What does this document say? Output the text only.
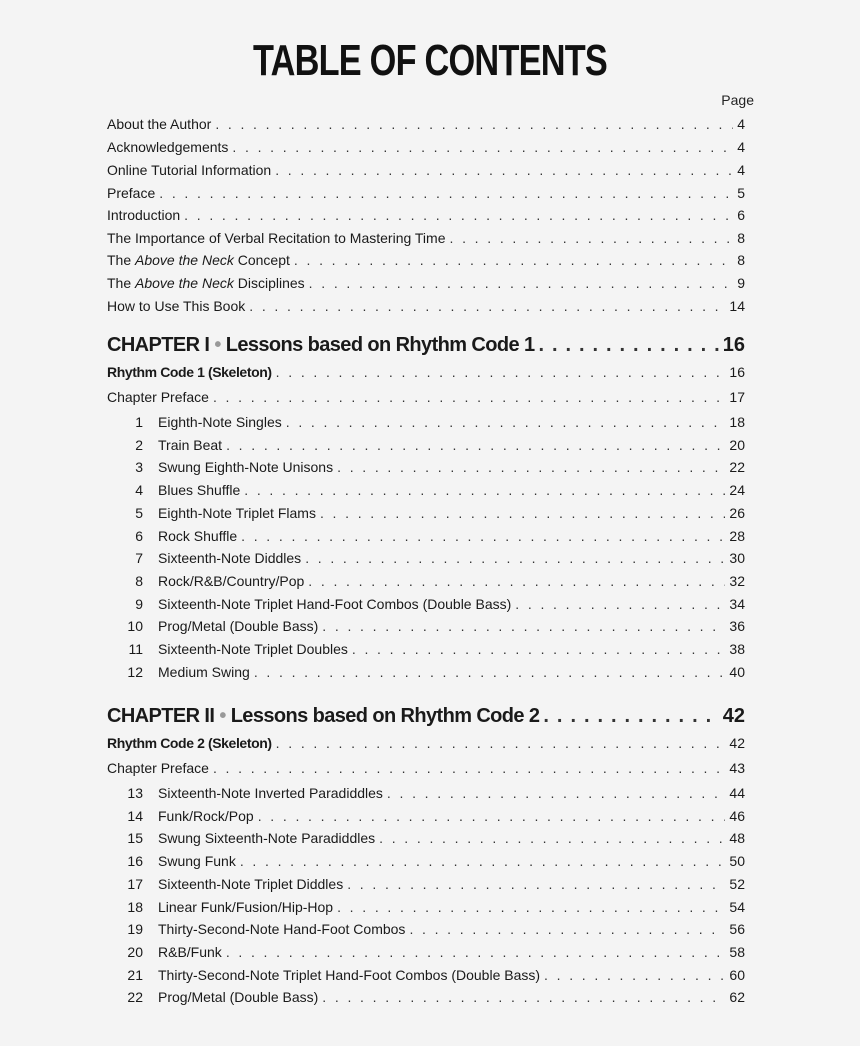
TABLE OF CONTENTS
Page
About the Author . . .	4
Acknowledgements . . .	4
Online Tutorial Information . . .	4
Preface . . .	5
Introduction . . .	6
The Importance of Verbal Recitation to Mastering Time . . .	8
The Above the Neck Concept . . .	8
The Above the Neck Disciplines . . .	9
How to Use This Book . . .	14
CHAPTER I • Lessons based on Rhythm Code 1 . . .	16
Rhythm Code 1 (Skeleton) . . .	16
Chapter Preface . . .	17
1 Eighth-Note Singles . . .	18
2 Train Beat . . .	20
3 Swung Eighth-Note Unisons . . .	22
4 Blues Shuffle . . .	24
5 Eighth-Note Triplet Flams . . .	26
6 Rock Shuffle . . .	28
7 Sixteenth-Note Diddles . . .	30
8 Rock/R&B/Country/Pop . . .	32
9 Sixteenth-Note Triplet Hand-Foot Combos (Double Bass) . . .	34
10 Prog/Metal (Double Bass) . . .	36
11 Sixteenth-Note Triplet Doubles . . .	38
12 Medium Swing . . .	40
CHAPTER II • Lessons based on Rhythm Code 2 . . .	42
Rhythm Code 2 (Skeleton) . . .	42
Chapter Preface . . .	43
13 Sixteenth-Note Inverted Paradiddles . . .	44
14 Funk/Rock/Pop . . .	46
15 Swung Sixteenth-Note Paradiddles . . .	48
16 Swung Funk . . .	50
17 Sixteenth-Note Triplet Diddles . . .	52
18 Linear Funk/Fusion/Hip-Hop . . .	54
19 Thirty-Second-Note Hand-Foot Combos . . .	56
20 R&B/Funk . . .	58
21 Thirty-Second-Note Triplet Hand-Foot Combos (Double Bass) . . .	60
22 Prog/Metal (Double Bass) . . .	62
